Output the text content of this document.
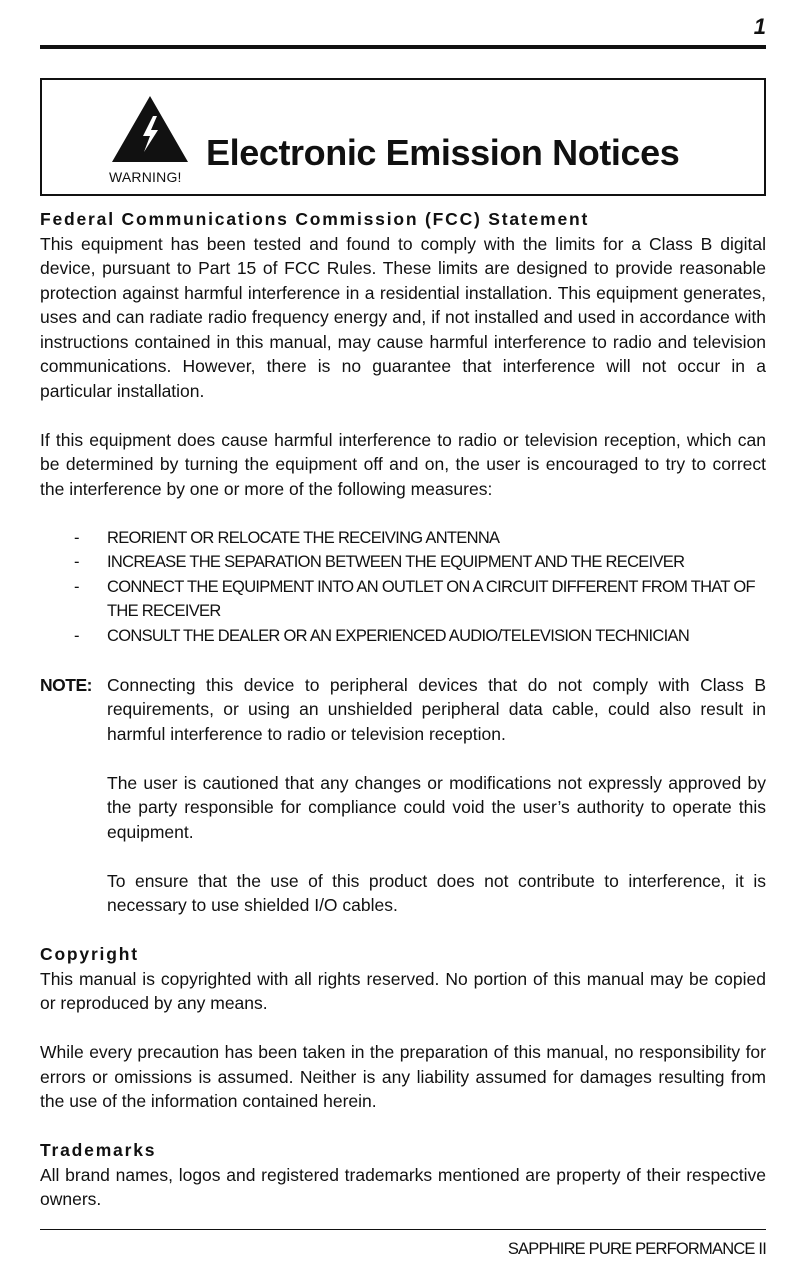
1
WARNING!
Electronic Emission Notices
Federal Communications Commission (FCC) Statement

This equipment has been tested and found to comply with the limits for a Class B digital device, pursuant to Part 15 of FCC Rules. These limits are designed to provide reasonable protection against harmful interference in a residential installation. This equipment generates, uses and can radiate radio frequency energy and, if not installed and used in accordance with instructions contained in this manual, may cause harmful interference to radio and television communications. However, there is no guarantee that interference will not occur in a particular installation.

If this equipment does cause harmful interference to radio or television reception, which can be determined by turning the equipment off and on, the user is encouraged to try to correct the interference by one or more of the following measures:

- REORIENT OR RELOCATE THE RECEIVING ANTENNA
- INCREASE THE SEPARATION BETWEEN THE EQUIPMENT AND THE RECEIVER
- CONNECT THE EQUIPMENT INTO AN OUTLET ON A CIRCUIT DIFFERENT FROM THAT OF THE RECEIVER
- CONSULT THE DEALER OR AN EXPERIENCED AUDIO/TELEVISION TECHNICIAN
NOTE: Connecting this device to peripheral devices that do not comply with Class B requirements, or using an unshielded peripheral data cable, could also result in harmful interference to radio or television reception.

The user is cautioned that any changes or modifications not expressly approved by the party responsible for compliance could void the user’s authority to operate this equipment.

To ensure that the use of this product does not contribute to interference, it is necessary to use shielded I/O cables.

Copyright

This manual is copyrighted with all rights reserved. No portion of this manual may be copied or reproduced by any means.

While every precaution has been taken in the preparation of this manual, no responsibility for errors or omissions is assumed. Neither is any liability assumed for damages resulting from the use of the information contained herein.

Trademarks

All brand names, logos and registered trademarks mentioned are property of their respective owners.

SAPPHIRE PURE PERFORMANCE II
